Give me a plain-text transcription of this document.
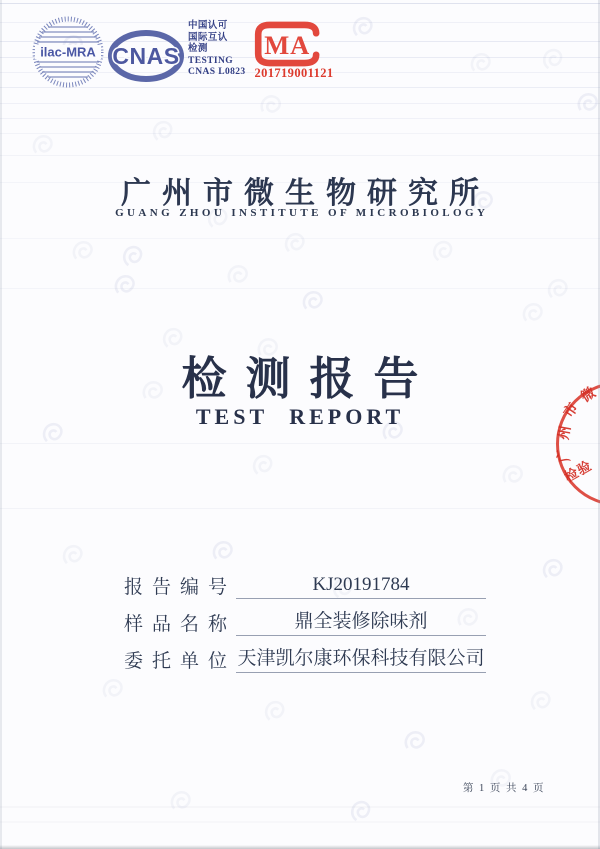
ilac-MRA CNAS
中国认可
国际互认
检测
TESTING
CNAS L0823
MA
201719001121
广州市微生物研究所
GUANG ZHOU INSTITUTE OF MICROBIOLOGY
检测报告
TEST REPORT
报告编号	KJ20191784
样品名称	鼎全装修除味剂
委托单位 天津凯尔康环保科技有限公司
广
州
市
微
检验
第 1 页 共 4 页
